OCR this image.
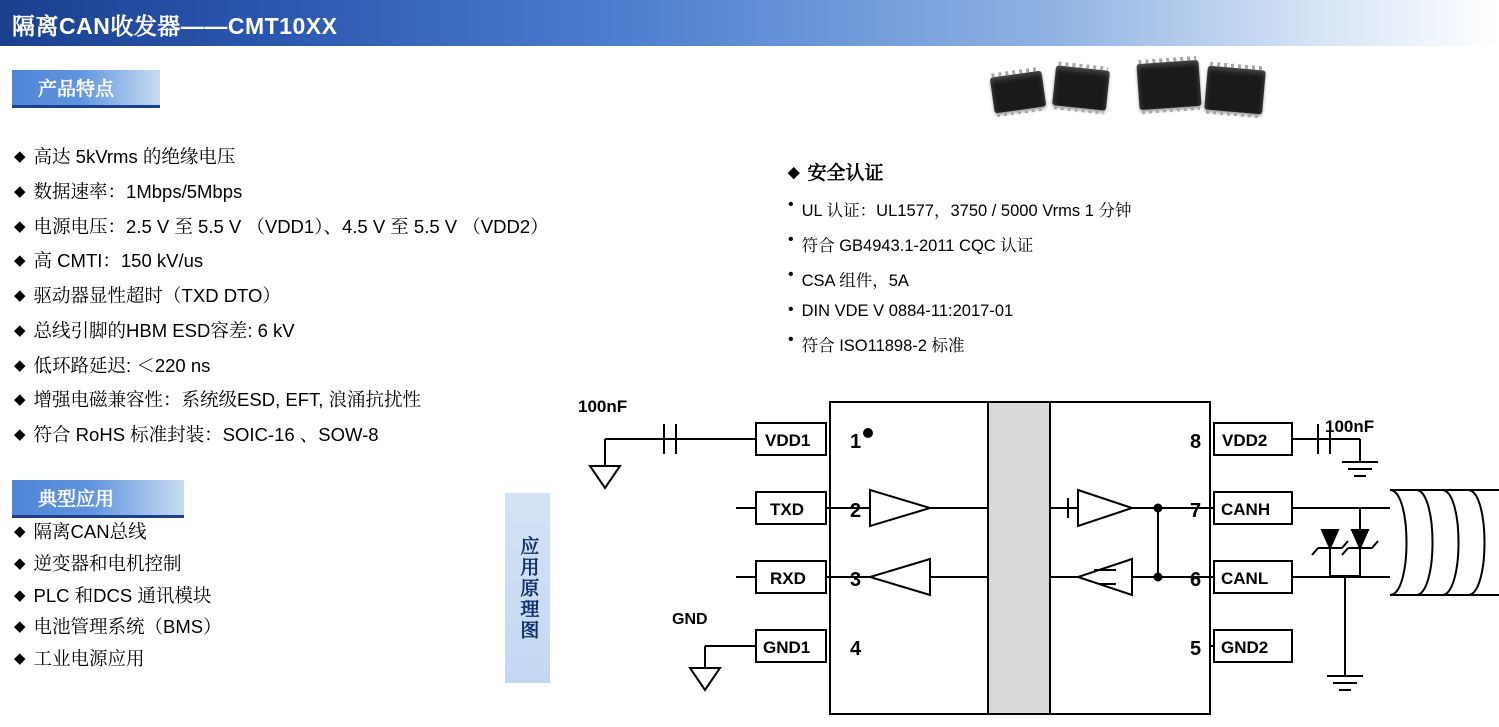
隔离CAN收发器——CMT10XX
产品特点
◆ 高达 5kVrms 的绝缘电压
◆ 数据速率：1Mbps/5Mbps
◆ 电源电压：2.5 V 至 5.5 V （VDD1）、4.5 V 至 5.5 V （VDD2）
◆ 高 CMTI：150 kV/us
◆ 驱动器显性超时（TXD DTO）
◆ 总线引脚的HBM ESD容差: 6 kV
◆ 低环路延迟: ＜220 ns
◆ 增强电磁兼容性：系统级ESD, EFT, 浪涌抗扰性
◆ 符合 RoHS 标准封装：SOIC-16 、SOW-8
◆ 安全认证
• UL 认证：UL1577，3750 / 5000 Vrms 1 分钟
• 符合 GB4943.1-2011 CQC 认证
• CSA 组件，5A
• DIN VDE V 0884-11:2017-01
• 符合 ISO11898-2 标准
典型应用
◆ 隔离CAN总线
◆ 逆变器和电机控制
◆ PLC 和DCS 通讯模块
◆ 电池管理系统（BMS）
◆ 工业电源应用
应用原理图
100nF
100nF
GND
VDD1
TXD
RXD
GND1
VDD2
CANH
CANL
GND2
1
2
3
4
8
7
6
5
